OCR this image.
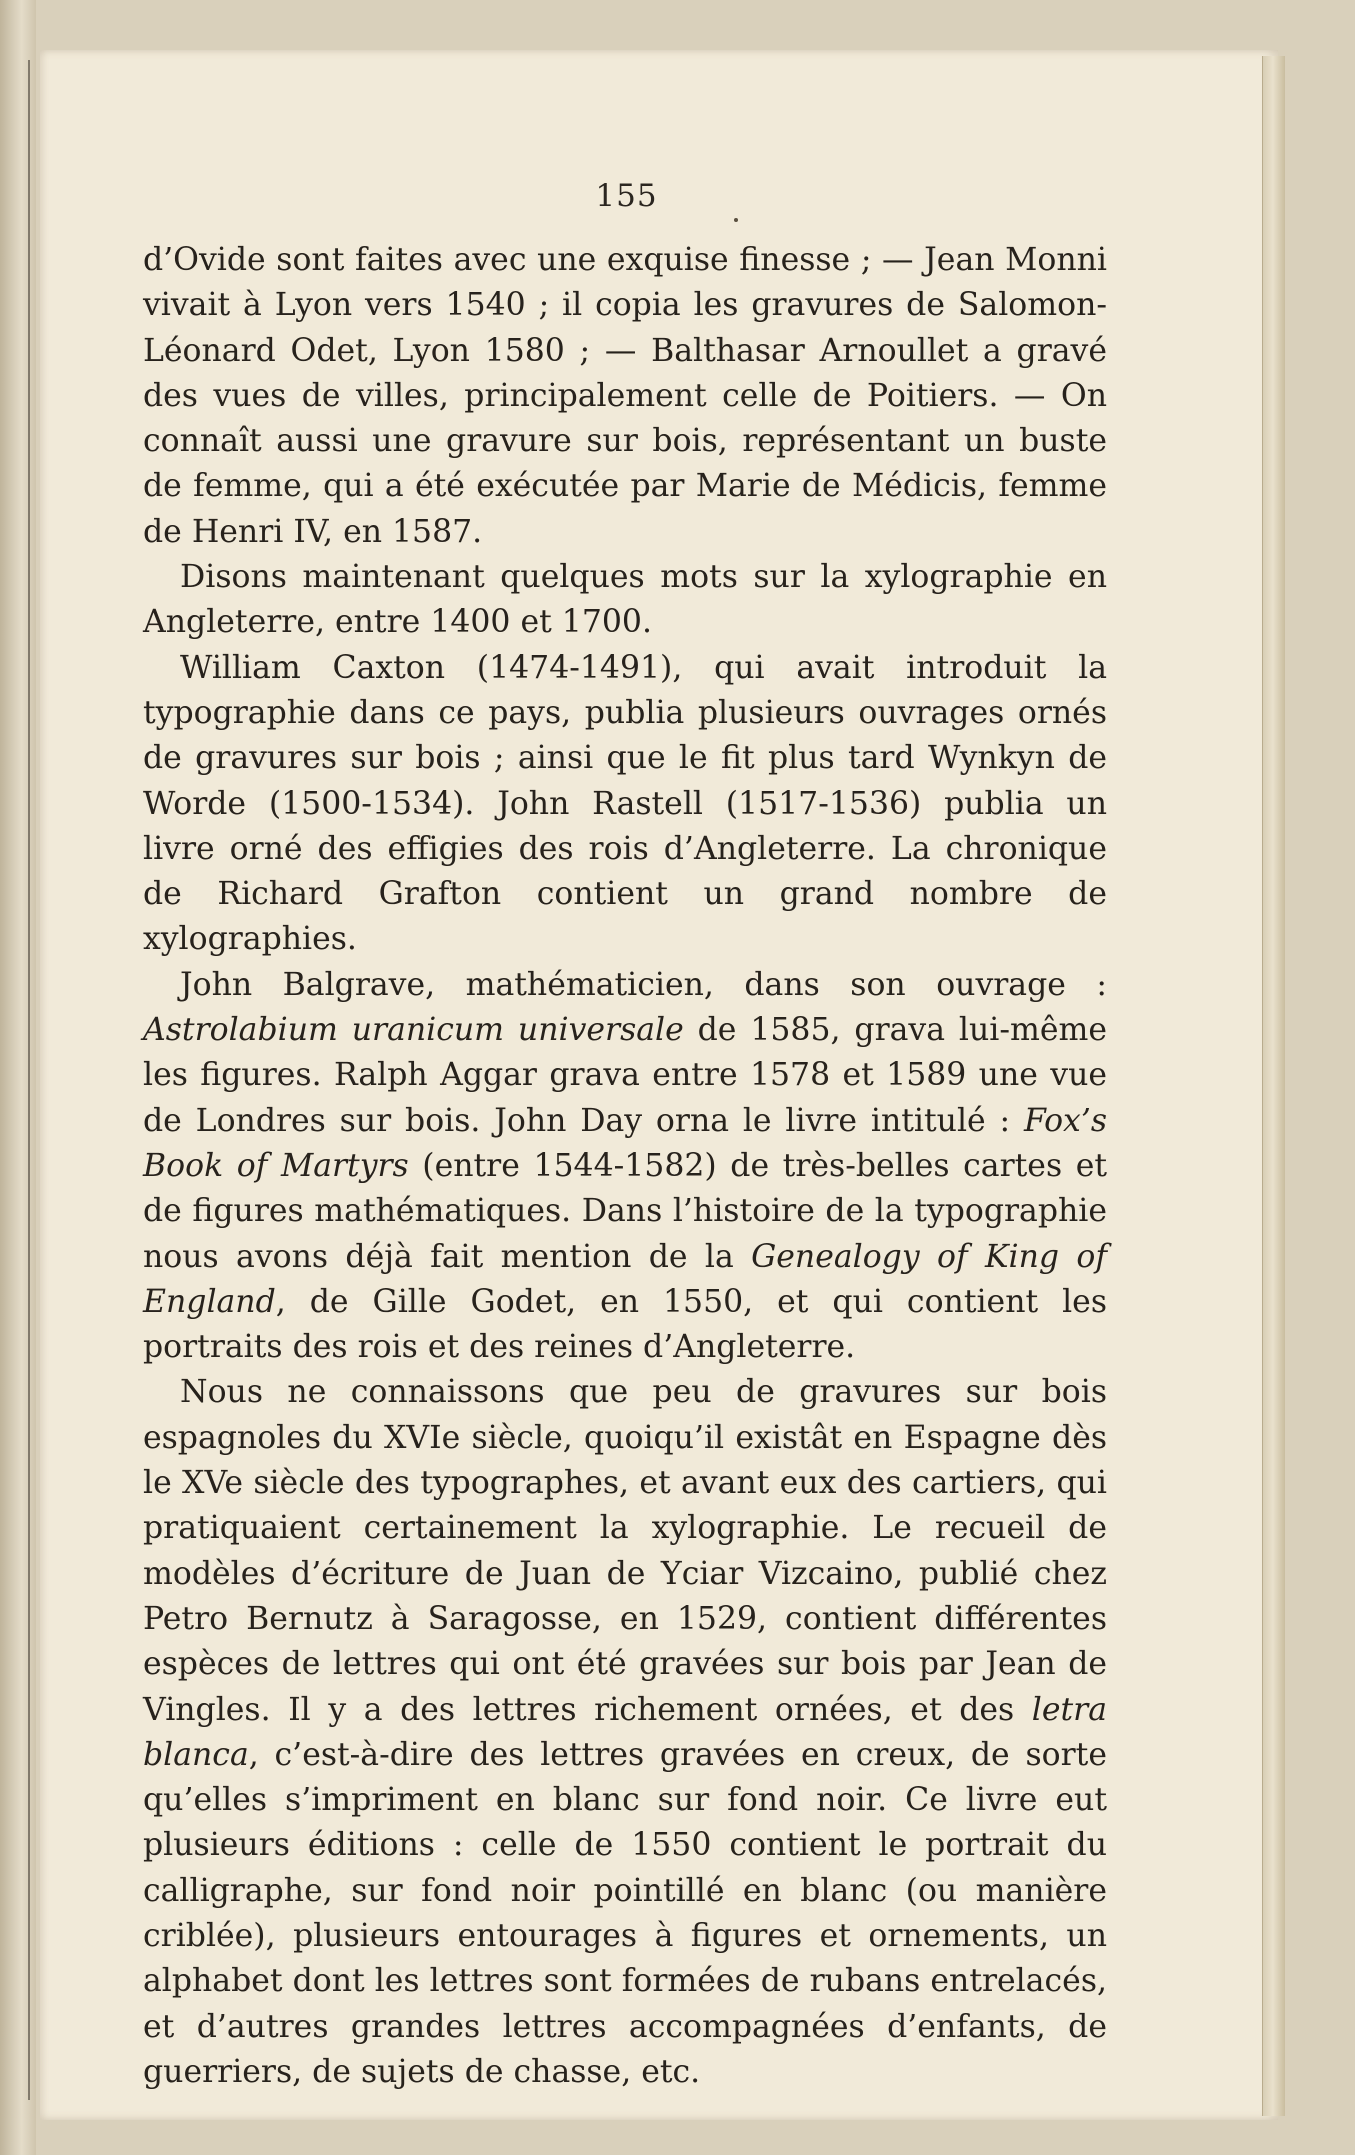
155

d’Ovide sont faites avec une exquise finesse ; — Jean Monni vivait à Lyon vers 1540 ; il copia les gravures de Salomon-Léonard Odet, Lyon 1580 ; — Balthasar Arnoullet a gravé des vues de villes, principalement celle de Poitiers. — On connaît aussi une gravure sur bois, représentant un buste de femme, qui a été exécutée par Marie de Médicis, femme de Henri IV, en 1587.

Disons maintenant quelques mots sur la xylographie en Angleterre, entre 1400 et 1700.

William Caxton (1474-1491), qui avait introduit la typographie dans ce pays, publia plusieurs ouvrages ornés de gravures sur bois ; ainsi que le fit plus tard Wynkyn de Worde (1500-1534). John Rastell (1517-1536) publia un livre orné des effigies des rois d’Angleterre. La chronique de Richard Grafton contient un grand nombre de xylographies.

John Balgrave, mathématicien, dans son ouvrage : Astrolabium uranicum universale de 1585, grava lui-même les figures. Ralph Aggar grava entre 1578 et 1589 une vue de Londres sur bois. John Day orna le livre intitulé : Fox’s Book of Martyrs (entre 1544-1582) de très-belles cartes et de figures mathématiques. Dans l’histoire de la typographie nous avons déjà fait mention de la Genealogy of King of England, de Gille Godet, en 1550, et qui contient les portraits des rois et des reines d’Angleterre.

Nous ne connaissons que peu de gravures sur bois espagnoles du XVIe siècle, quoiqu’il existât en Espagne dès le XVe siècle des typographes, et avant eux des cartiers, qui pratiquaient certainement la xylographie. Le recueil de modèles d’écriture de Juan de Yciar Vizcaino, publié chez Petro Bernutz à Saragosse, en 1529, contient différentes espèces de lettres qui ont été gravées sur bois par Jean de Vingles. Il y a des lettres richement ornées, et des letra blanca, c’est-à-dire des lettres gravées en creux, de sorte qu’elles s’impriment en blanc sur fond noir. Ce livre eut plusieurs éditions : celle de 1550 contient le portrait du calligraphe, sur fond noir pointillé en blanc (ou manière criblée), plusieurs entourages à figures et ornements, un alphabet dont les lettres sont formées de rubans entrelacés, et d’autres grandes lettres accompagnées d’enfants, de guerriers, de sujets de chasse, etc.
